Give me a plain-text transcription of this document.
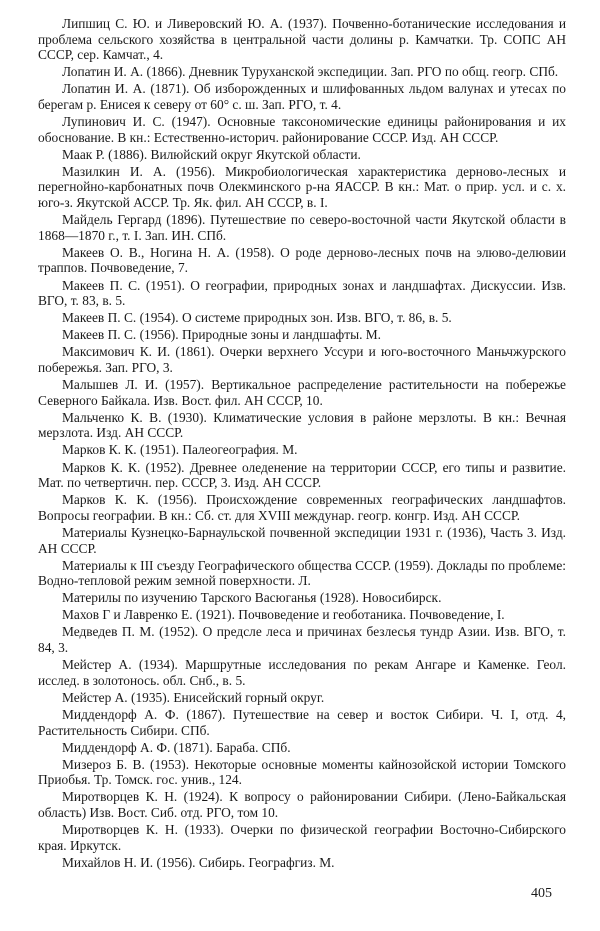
Липшиц С. Ю. и Ливеровский Ю. А. (1937). Почвенно-ботанические исследования и проблема сельского хозяйства в центральной части долины р. Камчатки. Тр. СОПС АН СССР, сер. Камчат., 4.
Лопатин И. А. (1866). Дневник Туруханской экспедиции. Зап. РГО по общ. геогр. СПб.
Лопатин И. А. (1871). Об изборожденных и шлифованных льдом валунах и утесах по берегам р. Енисея к северу от 60° с. ш. Зап. РГО, т. 4.
Лупинович И. С. (1947). Основные таксономические единицы районирования и их обоснование. В кн.: Естественно-историч. районирование СССР. Изд. АН СССР.
Маак Р. (1886). Вилюйский округ Якутской области.
Мазилкин И. А. (1956). Микробиологическая характеристика дерново-лесных и перегнойно-карбонатных почв Олекминского р-на ЯАССР. В кн.: Мат. о прир. усл. и с. х. юго-з. Якутской АССР. Тр. Як. фил. АН СССР, в. I.
Майдель Гергард (1896). Путешествие по северо-восточной части Якутской области в 1868—1870 г., т. I. Зап. ИН. СПб.
Макеев О. В., Ногина Н. А. (1958). О роде дерново-лесных почв на элюво-делювии траппов. Почвоведение, 7.
Макеев П. С. (1951). О географии, природных зонах и ландшафтах. Дискуссии. Изв. ВГО, т. 83, в. 5.
Макеев П. С. (1954). О системе природных зон. Изв. ВГО, т. 86, в. 5.
Макеев П. С. (1956). Природные зоны и ландшафты. М.
Максимович К. И. (1861). Очерки верхнего Уссури и юго-восточного Маньчжурского побережья. Зап. РГО, 3.
Малышев Л. И. (1957). Вертикальное распределение растительности на побережье Северного Байкала. Изв. Вост. фил. АН СССР, 10.
Мальченко К. В. (1930). Климатические условия в районе мерзлоты. В кн.: Вечная мерзлота. Изд. АН СССР.
Марков К. К. (1951). Палеогеография. М.
Марков К. К. (1952). Древнее оледенение на территории СССР, его типы и развитие. Мат. по четвертичн. пер. СССР, 3. Изд. АН СССР.
Марков К. К. (1956). Происхождение современных географических ландшафтов. Вопросы географии. В кн.: Сб. ст. для XVIII междунар. геогр. конгр. Изд. АН СССР.
Материалы Кузнецко-Барнаульской почвенной экспедиции 1931 г. (1936), Часть 3. Изд. АН СССР.
Материалы к III съезду Географического общества СССР. (1959). Доклады по проблеме: Водно-тепловой режим земной поверхности. Л.
Материлы по изучению Тарского Васюганья (1928). Новосибирск.
Махов Г и Лавренко Е. (1921). Почвоведение и геоботаника. Почвоведение, I.
Медведев П. М. (1952). О предсле леса и причинах безлесья тундр Азии. Изв. ВГО, т. 84, 3.
Мейстер А. (1934). Маршрутные исследования по рекам Ангаре и Каменке. Геол. исслед. в золотонось. обл. Снб., в. 5.
Мейстер А. (1935). Енисейский горный округ.
Миддендорф А. Ф. (1867). Путешествие на север и восток Сибири. Ч. I, отд. 4, Растительность Сибири. СПб.
Миддендорф А. Ф. (1871). Бараба. СПб.
Мизерoз Б. В. (1953). Некоторые основные моменты кайнозойской истории Томского Приобья. Тр. Томск. гос. унив., 124.
Миротворцев К. Н. (1924). К вопросу о районировании Сибири. (Лено-Байкальская область) Изв. Вост. Сиб. отд. РГО, том 10.
Миротворцев К. Н. (1933). Очерки по физической географии Восточно-Сибирского края. Иркутск.
Михайлов Н. И. (1956). Сибирь. Географгиз. М.
405
